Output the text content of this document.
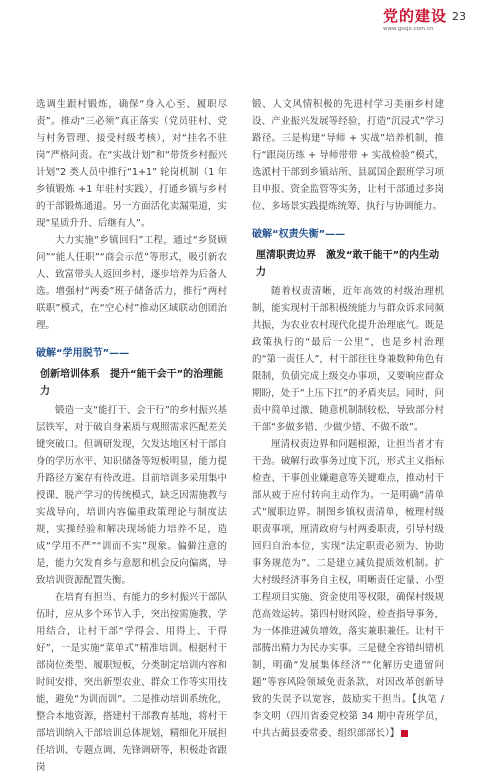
党的建设
www.gssjx.com.cn
23

选调生跟村锻炼，确保“身入心至、履职尽责”。推动“三必须”真正落实（党员驻村、党与村务管理、接受村级考核），对“挂名不驻岗”严格问责。在“实战计划”和“带货乡村振兴计划”2 类人员中推行“1+1” 轮岗机制（1 年乡镇锻炼 +1 年驻村实践），打通乡镇与乡村的干部锻炼通道。另一方面活化卖漏渠道，实现“星质升升、后继有人”。

大力实施“乡镇回归”工程，通过“乡贤顾问”“能人任职”“商会示范”等形式，吸引新农人、致富带头人返回乡村，逐步培养为后备人选。增强村“两委”班子储备活力，推行“两村联职”模式，在“空心村”推动区域联动创团治理。

破解“学用脱节”——
创新培训体系　提升“能干会干”的治理能力

锻造一支“能打干、会干行”的乡村振兴基层铁军，对于破自身素质与观照需求匹配差关键突破口。但调研发现，欠发达地区村干部自身的学历水平、知识储备等短板明显，能力提升路径方案存有待改进。目前培训多采用集中授课、脱产学习的传统模式，缺乏因需施教与实战导向，培训内容偏重政策理论与制度法规，实操经验和解决现场能力培养不足，造成“学用不严”“训而不实”现象。偏僻注意的是，能力欠发育乡与意愿和机会反向偏离，导致培训资源配置失衡。

在培育有担当、有能力的乡村振兴干部队伍时，应从多个环节入手，突出按需施教、学用结合，让村干部“学得会、用得上、干得好”，一是实施“菜单式”精准培训。根据村干部岗位类型、履职短板，分类制定培训内容和时间安排，突出新型农业、群众工作等实用技能，避免“为训而训”。二是推动培训系统化，整合本地资源，搭建村干部教育基地，将村干部培训纳入干部培训总体规划，精细化开展担任培训、专题点调、先锋调研等，积极赴省跟岗

锻、人文风情积极的先进村学习美丽乡村建设、产业振兴发展等经验，打造“沉浸式”学习路径。三是构建“导师 + 实战”培养机制，推行“跟岗历练 + 导师带带 + 实战检验”模式，选派村干部到乡镇站所、县属国企跟班学习项目申报、资金监管等实务，让村干部通过多岗位、多场景实践提炼统筹、执行与协调能力。

破解“权责失衡”——
厘清职责边界　激发“敢干能干”的内生动力

随着权责清晰，近年高效的村级治理机制，能实现村干部积极统能力与群众诉求同频共振，为农业农村现代化提升治理底气。既是政策执行的“最后一公里”，也是乡村治理的“第一责任人”，村干部往往身兼数种角色有限制，负债完成上级交办事项，又要响应群众期盼，处于“上压下扛”的矛盾夹层。同时，问责中简单过激、随意机制制较松，导致部分村干部“多做多错、少做少错、不做不敢”。

厘清权责边界和问题根源，让担当者才有干劲。破解行政事务过度下沉，形式主义指标检查、干事创业嫌避意等关键难点，推动村干部从疲于应付转向主动作为。一是明确“清单式”履职边界。制图乡镇权责清单，梳理村级职责事项，厘清政府与村两委职责，引导村级回归自治本位，实现“法定职责必须为、协助事务规范为”。二是建立减负提质效机制。扩大村级经济事务自主权，明晰责任定量、小型工程项目实施、资金使用等权限，确保村级规范高效运转。第四村财风险、检查指导事务，为一体推进减负增效，落实兼职兼任。让村干部腾出精力为民办实事。三是健全容错纠错机制，明确“发展集体经济”“化解历史遗留问题”等容风险领域免责条款，对因改革创新导致的失误予以宽容，鼓励实干担当。【执笔 / 李文明（四川省委党校第 34 期中青班学员，中共古蔺县委常委、组织部部长）】
